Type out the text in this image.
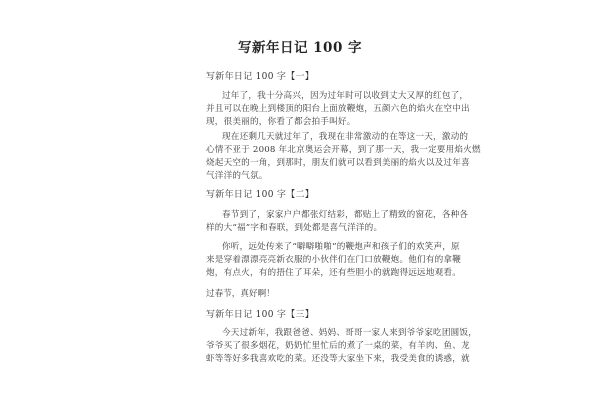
写新年日记 100 字
写新年日记 100 字【一】
过年了，我十分高兴，因为过年时可以收到丈大又厚的红包了，
并且可以在晚上到楼顶的阳台上面放鞭炮，五颜六色的焰火在空中出
现，很美丽的，你看了都会拍手叫好。
现在还剩几天就过年了，我现在非常激动的在等这一天，激动的
心情不亚于 2008 年北京奥运会开幕，到了那一天，我一定要用焰火燃
烧起天空的一角，到那时，朋友们就可以看到美丽的焰火以及过年喜
气洋洋的气氛。
写新年日记 100 字【二】
春节到了，家家户户都张灯结彩，都贴上了精致的窗花，各种各
样的大“福”字和春联，到处都是喜气洋洋的。
你听，远处传来了“噼噼啪啪”的鞭炮声和孩子们的欢笑声，原
来是穿着漂漂亮亮新衣服的小伙伴们在门口放鞭炮。他们有的拿鞭
炮，有点火，有的捂住了耳朵，还有些胆小的就跑得远远地观看。
过春节，真好啊！
写新年日记 100 字【三】
今天过新年，我跟爸爸、妈妈、哥哥一家人来到爷爷家吃团圆饭，
爷爷买了很多烟花，奶奶忙里忙后的煮了一桌的菜，有羊肉、鱼、龙
虾等等好多我喜欢吃的菜。还没等大家坐下来，我受美食的诱惑，就
